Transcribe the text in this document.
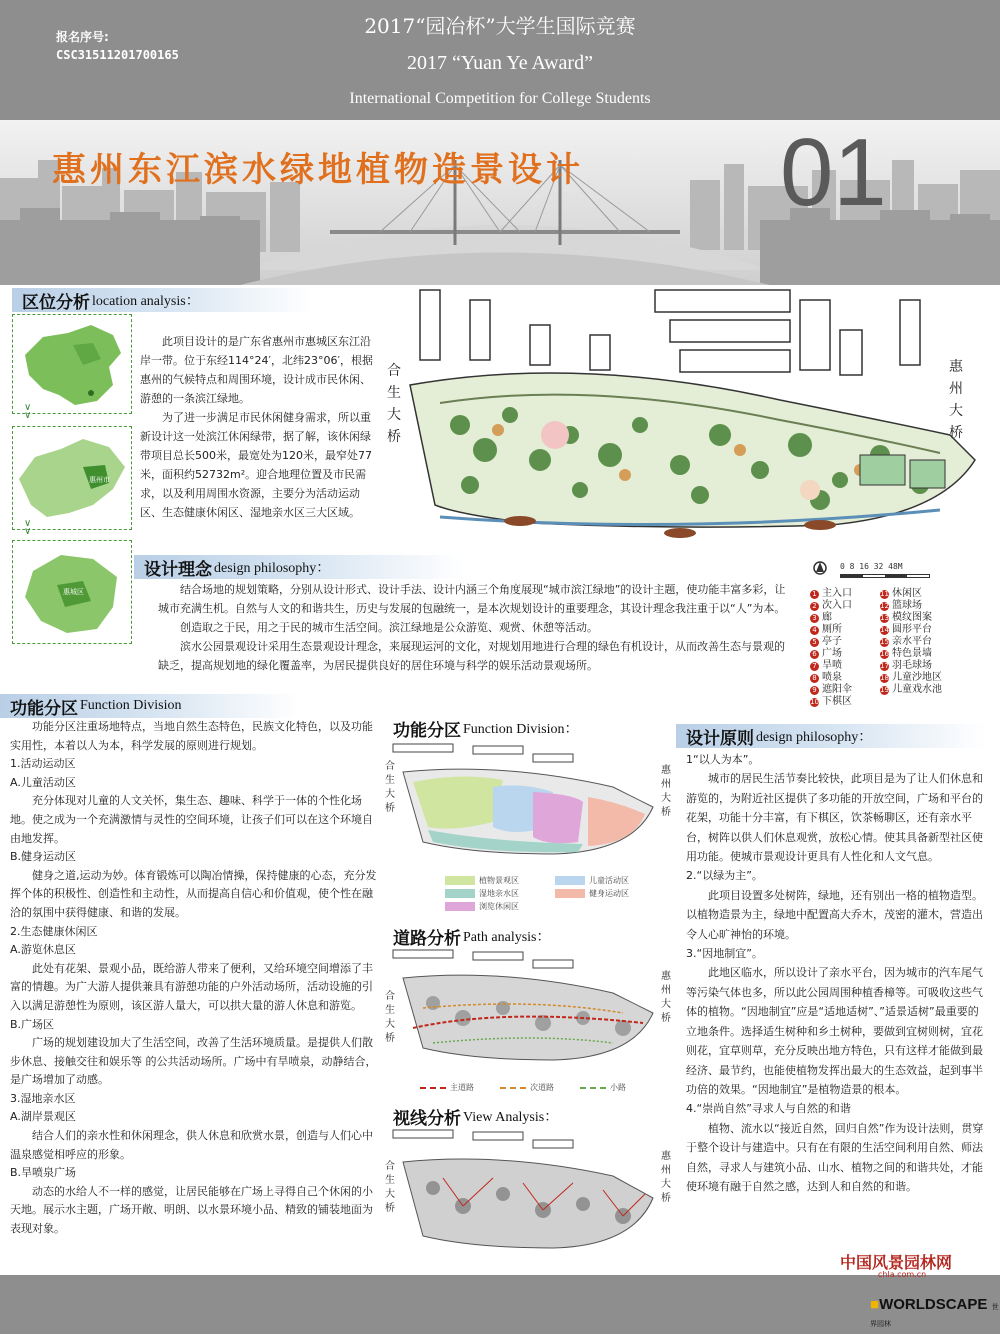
报名序号:
CSC31511201700165
2017“园冶杯”大学生国际竞赛
2017 “Yuan Ye Award”
International Competition for College Students
惠州东江滨水绿地植物造景设计 01
区位分析 location analysis：
∨
∨
惠州市
∨
∨
惠城区

此项目设计的是广东省惠州市惠城区东江沿岸一带。位于东经114°24′，北纬23°06′，根据惠州的气候特点和周围环境，设计成市民休闲、游憩的一条滨江绿地。

为了进一步满足市民休闲健身需求，所以重新设计这一处滨江休闲绿带，据了解，该休闲绿带项目总长500米，最宽处为120米，最窄处77米，面积约52732m²。迎合地理位置及市民需求，以及利用周围水资源，主要分为活动运动区、生态健康休闲区、湿地亲水区三大区域。

合生大桥
惠州大桥
0 8 16 32 48M
1 主入口
2 次入口
3 廊
4 厕所
5 亭子
6 广场
7 旱喷
8 喷泉
9 遮阳伞
10 下棋区
11 休闲区
12 篮球场
13 模纹图案
14 圆形平台
15 亲水平台
16 特色景墙
17 羽毛球场
18 儿童沙地区
19 儿童戏水池
设计理念 design philosophy：

结合场地的规划策略，分别从设计形式、设计手法、设计内涵三个角度展现“城市滨江绿地”的设计主题，使功能丰富多彩，让城市充满生机。自然与人文的和谐共生，历史与发展的包融统一，是本次规划设计的重要理念，其设计理念我注重于以“人”为本。

创造取之于民，用之于民的城市生活空间。滨江绿地是公众游览、观赏、休憩等活动。

滨水公园景观设计采用生态景观设计理念，来展现运河的文化，对规划用地进行合理的绿色有机设计，从而改善生态与景观的缺乏，提高规划地的绿化覆盖率，为居民提供良好的居住环境与科学的娱乐活动景观场所。

功能分区 Function Division

功能分区注重场地特点，当地自然生态特色，民族文化特色，以及功能实用性，本着以人为本，科学发展的原则进行规划。

1.活动运动区

A.儿童活动区

充分体现对儿童的人文关怀，集生态、趣味、科学于一体的个性化场地。使之成为一个充满激情与灵性的空间环境，让孩子们可以在这个环境自由地发挥。

B.健身运动区

健身之道,运动为妙。体育锻炼可以陶冶情操，保持健康的心态，充分发挥个体的积极性、创造性和主动性，从而提高自信心和价值观，使个性在融洽的氛围中获得健康、和谐的发展。

2.生态健康休闲区

A.游览休息区

此处有花架、景观小品，既给游人带来了便利，又给环境空间增添了丰富的情趣。为广大游人提供兼具有游憩功能的户外活动场所，活动设施的引入以满足游憩性为原则，该区游人量大，可以拱大量的游人休息和游览。

B.广场区

广场的规划建设加大了生活空间，改善了生活环境质量。是提供人们散步休息、接触交往和娱乐等 的公共活动场所。广场中有旱喷泉，动静结合，是广场增加了动感。

3.湿地亲水区

A.湖岸景观区

结合人们的亲水性和休闲理念，供人休息和欣赏水景，创造与人们心中温泉感觉相呼应的形象。

B.旱喷泉广场

动态的水给人不一样的感觉，让居民能够在广场上寻得自己个休闲的小天地。展示水主题，广场开敞、明朗、以水景环境小品、精致的铺装地面为表现对象。

功能分区 Function Division：
合生大桥
惠州大桥
植物景观区	儿童活动区
湿地亲水区	健身运动区
浏览休闲区
道路分析 Path analysis：
合生大桥
惠州大桥
主道路	次道路	小路
视线分析 View Analysis：
合生大桥
惠州大桥
设计原则 design philosophy：

1“以人为本”。

城市的居民生活节奏比较快，此项目是为了让人们休息和游览的，为附近社区提供了多功能的开放空间，广场和平台的花架，功能十分丰富，有下棋区，饮茶畅聊区，还有亲水平台，树阵以供人们休息观赏，放松心情。使其具备新型社区使用功能。使城市景观设计更具有人性化和人文气息。

2.“以绿为主”。

此项目设置多处树阵，绿地，还有别出一格的植物造型。以植物造景为主，绿地中配置高大乔木，茂密的灌木，营造出令人心旷神怡的环境。

3.“因地制宜”。

此地区临水，所以设计了亲水平台，因为城市的汽车尾气等污染气体也多，所以此公园周围种植香樟等。可吸收这些气体的植物。“因地制宜”应是“适地适树”、”适景适树”最重要的立地条件。选择适生树种和乡土树种，要做到宜树则树，宜花则花，宜草则草，充分反映出地方特色，只有这样才能做到最经济、最节约，也能使植物发挥出最大的生态效益，起到事半功倍的效果。“因地制宜”是植物造景的根本。

4.“崇尚自然”寻求人与自然的和谐

植物、流水以“接近自然，回归自然”作为设计法则，贯穿于整个设计与建造中。只有在有限的生活空间利用自然、师法自然，寻求人与建筑小品、山水、植物之间的和谐共处，才能使环境有融于自然之感，达到人和自然的和谐。

中国风景园林网
chla.com.cn
■WORLDSCAPE 世界园林
